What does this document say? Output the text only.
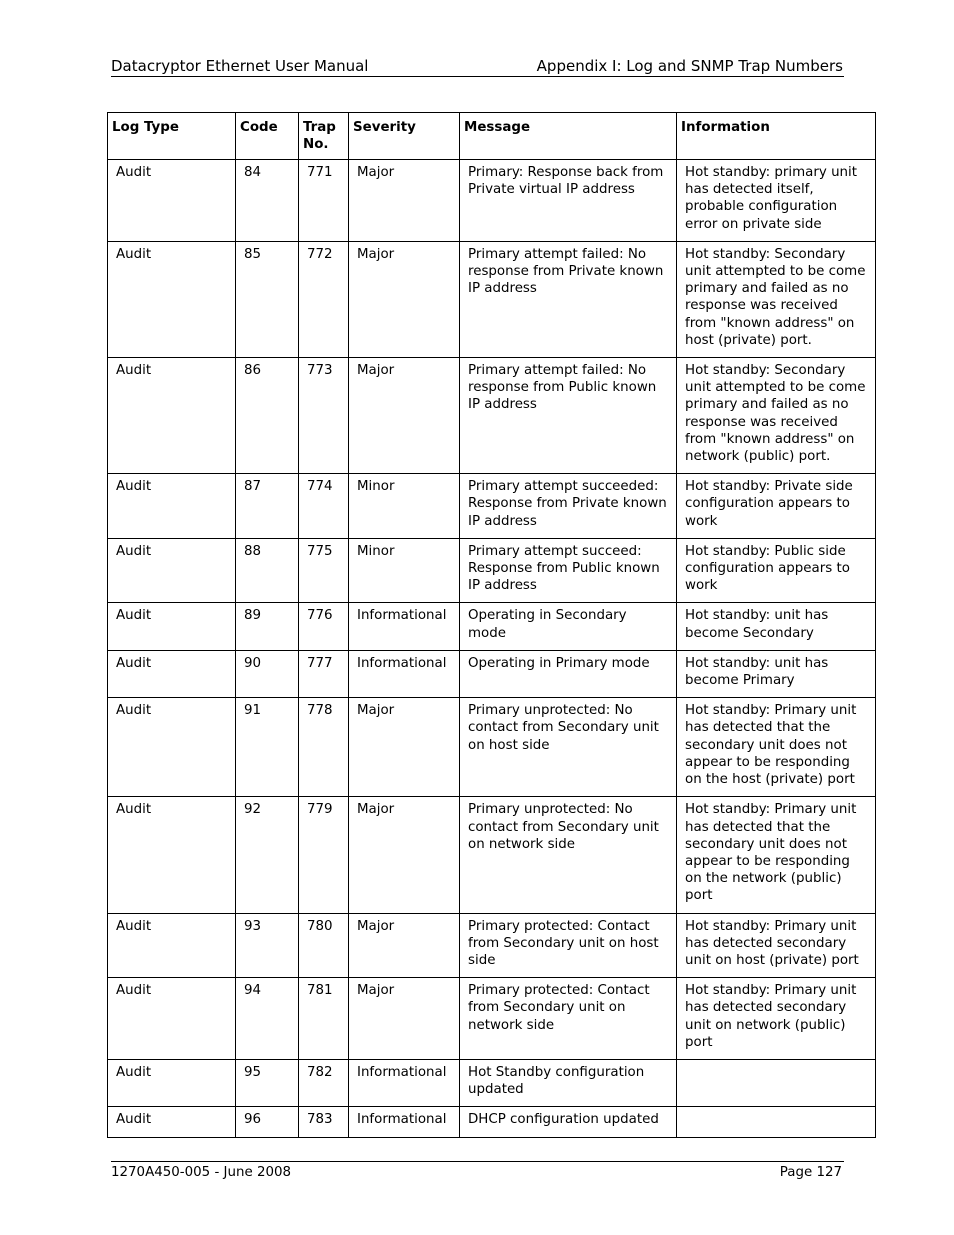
Datacryptor Ethernet User Manual	Appendix I: Log and SNMP Trap Numbers
Log Type	Code	Trap No.	Severity	Message	Information
Audit	84	771	Major	Primary: Response back from Private virtual IP address	Hot standby: primary unit has detected itself, probable configuration error on private side
Audit	85	772	Major	Primary attempt failed: No response from Private known IP address	Hot standby: Secondary unit attempted to be come primary and failed as no response was received from "known address" on host (private) port.
Audit	86	773	Major	Primary attempt failed: No response from Public known IP address	Hot standby: Secondary unit attempted to be come primary and failed as no response was received from "known address" on network (public) port.
Audit	87	774	Minor	Primary attempt succeeded: Response from Private known IP address	Hot standby: Private side configuration appears to work
Audit	88	775	Minor	Primary attempt succeed: Response from Public known IP address	Hot standby: Public side configuration appears to work
Audit	89	776	Informational	Operating in Secondary mode	Hot standby: unit has become Secondary
Audit	90	777	Informational	Operating in Primary mode	Hot standby: unit has become Primary
Audit	91	778	Major	Primary unprotected: No contact from Secondary unit on host side	Hot standby: Primary unit has detected that the secondary unit does not appear to be responding on the host (private) port
Audit	92	779	Major	Primary unprotected: No contact from Secondary unit on network side	Hot standby: Primary unit has detected that the secondary unit does not appear to be responding on the network (public) port
Audit	93	780	Major	Primary protected: Contact from Secondary unit on host side	Hot standby: Primary unit has detected secondary unit on host (private) port
Audit	94	781	Major	Primary protected: Contact from Secondary unit on network side	Hot standby: Primary unit has detected secondary unit on network (public) port
Audit	95	782	Informational	Hot Standby configuration updated	
Audit	96	783	Informational	DHCP configuration updated	
1270A450-005 - June 2008	Page 127
